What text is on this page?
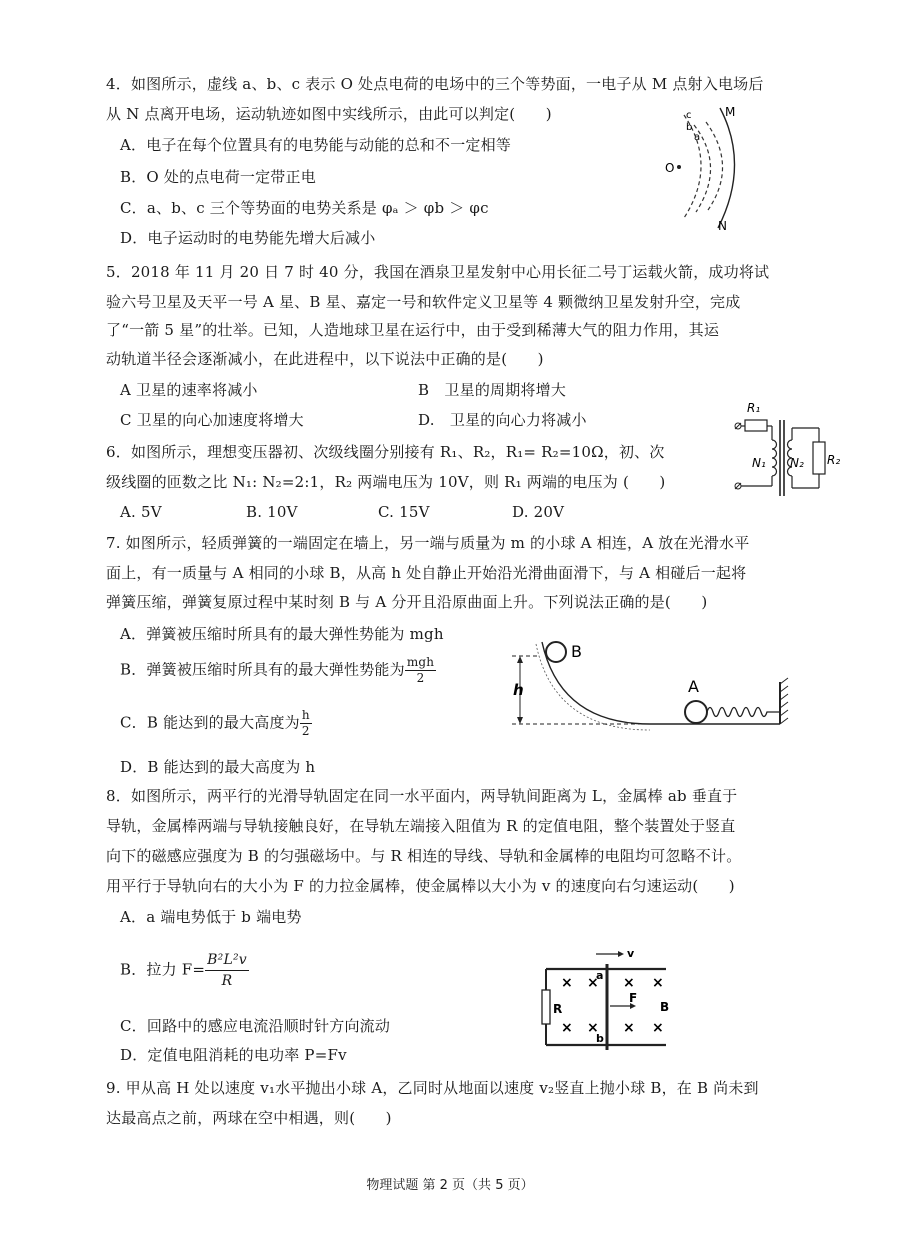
4．如图所示，虚线 a、b、c 表示 O 处点电荷的电场中的三个等势面，一电子从 M 点射入电场后
从 N 点离开电场，运动轨迹如图中实线所示，由此可以判定(　　)
A．电子在每个位置具有的电势能与动能的总和不一定相等
B．O 处的点电荷一定带正电
C．a、b、c 三个等势面的电势关系是 φₐ ＞ φb ＞ φc
D．电子运动时的电势能先增大后减小
c
b
a
M
N
O
5．2018 年 11 月 20 日 7 时 40 分，我国在酒泉卫星发射中心用长征二号丁运载火箭，成功将试
验六号卫星及天平一号 A 星、B 星、嘉定一号和软件定义卫星等 4 颗微纳卫星发射升空，完成
了“一箭 5 星”的壮举。已知，人造地球卫星在运行中，由于受到稀薄大气的阻力作用，其运
动轨道半径会逐渐减小，在此进程中，以下说法中正确的是(　　)
A 卫星的速率将减小	B　卫星的周期将增大
C 卫星的向心加速度将增大	D.　卫星的向心力将减小
6．如图所示，理想变压器初、次级线圈分别接有 R₁、R₂，R₁= R₂=10Ω，初、次
级线圈的匝数之比 N₁: N₂=2:1，R₂ 两端电压为 10V，则 R₁ 两端的电压为 (　　)
A. 5V	B. 10V	C. 15V	D. 20V
R₁
N₁ N₂ R₂
7. 如图所示，轻质弹簧的一端固定在墙上，另一端与质量为 m 的小球 A 相连，A 放在光滑水平
面上，有一质量与 A 相同的小球 B，从高 h 处自静止开始沿光滑曲面滑下，与 A 相碰后一起将
弹簧压缩，弹簧复原过程中某时刻 B 与 A 分开且沿原曲面上升。下列说法正确的是(　　)
A．弹簧被压缩时所具有的最大弹性势能为 mgh
B．弹簧被压缩时所具有的最大弹性势能为 $\frac{\text{mgh}}{2}$
C．B 能达到的最大高度为 $\frac{h}{2}$
D．B 能达到的最大高度为 h
h
B
A
8．如图所示，两平行的光滑导轨固定在同一水平面内，两导轨间距离为 L，金属棒 ab 垂直于
导轨，金属棒两端与导轨接触良好，在导轨左端接入阻值为 R 的定值电阻，整个装置处于竖直
向下的磁感应强度为 B 的匀强磁场中。与 R 相连的导线、导轨和金属棒的电阻均可忽略不计。
用平行于导轨向右的大小为 F 的力拉金属棒，使金属棒以大小为 v 的速度向右匀速运动(　　)
A．a 端电势低于 b 端电势
B．拉力 $F= \frac{\text{B²L²v}}{R}$
C．回路中的感应电流沿顺时针方向流动
D．定值电阻消耗的电功率 P=Fv
R
a
b
v
F
B
× × × ×
× × × ×
9. 甲从高 H 处以速度 v₁水平抛出小球 A，乙同时从地面以速度 v₂竖直上抛小球 B，在 B 尚未到
达最高点之前，两球在空中相遇，则(　　)
物理试题 第 2 页（共 5 页）
